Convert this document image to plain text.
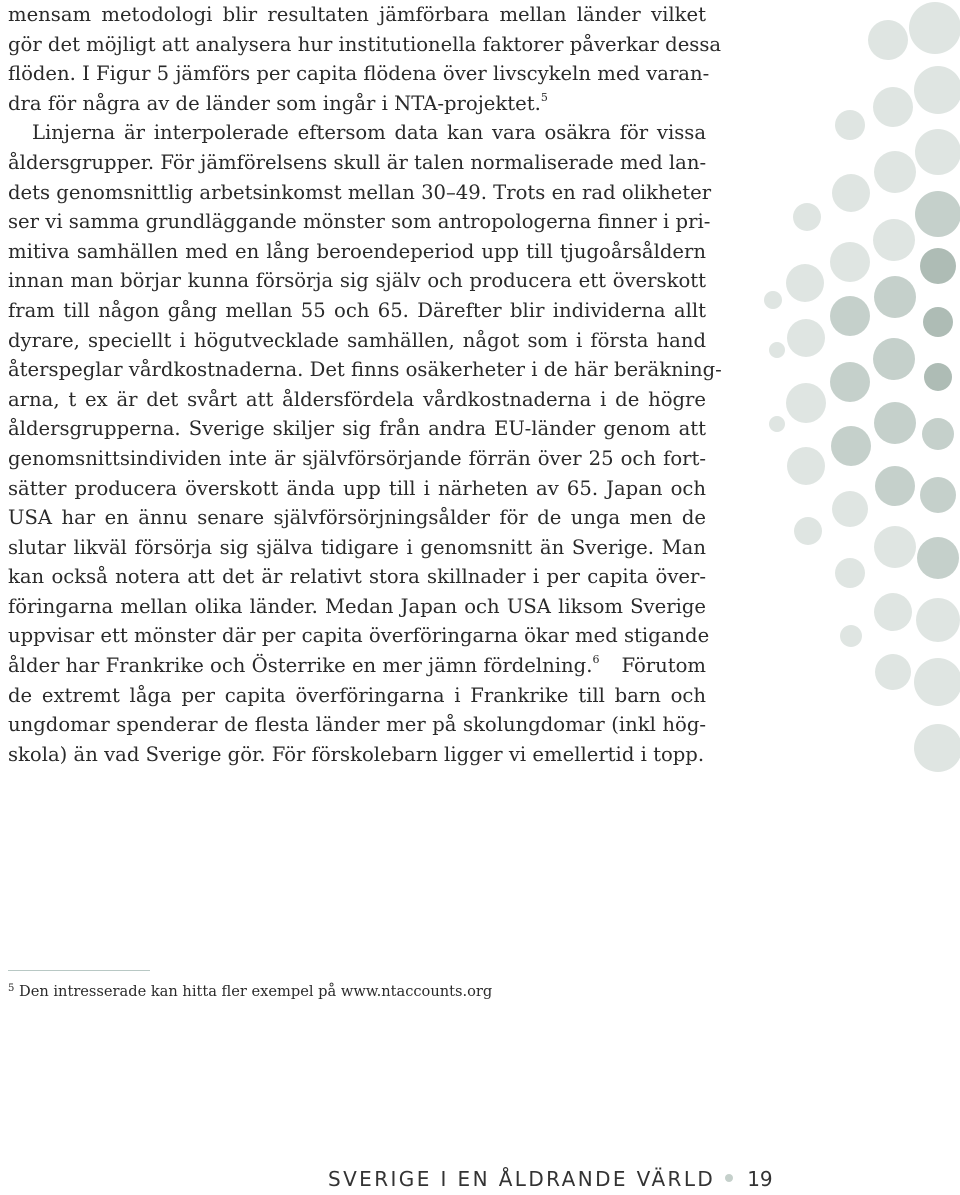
mensam metodologi blir resultaten jämförbara mellan länder vilket
gör det möjligt att analysera hur institutionella faktorer påverkar dessa
flöden. I Figur 5 jämförs per capita flödena över livscykeln med varan-
dra för några av de länder som ingår i NTA-projektet.$^5$
Linjerna är interpolerade eftersom data kan vara osäkra för vissa
åldersgrupper. För jämförelsens skull är talen normaliserade med lan-
dets genomsnittlig arbetsinkomst mellan 30–49. Trots en rad olikheter
ser vi samma grundläggande mönster som antropologerna finner i pri-
mitiva samhällen med en lång beroendeperiod upp till tjugoårsåldern
innan man börjar kunna försörja sig själv och producera ett överskott
fram till någon gång mellan 55 och 65. Därefter blir individerna allt
dyrare, speciellt i högutvecklade samhällen, något som i första hand
återspeglar vårdkostnaderna. Det finns osäkerheter i de här beräkning-
arna, t ex är det svårt att åldersfördela vårdkostnaderna i de högre
åldersgrupperna. Sverige skiljer sig från andra EU-länder genom att
genomsnittsindividen inte är självförsörjande förrän över 25 och fort-
sätter producera överskott ända upp till i närheten av 65. Japan och
USA har en ännu senare självförsörjningsålder för de unga men de
slutar likväl försörja sig själva tidigare i genomsnitt än Sverige. Man
kan också notera att det är relativt stora skillnader i per capita över-
föringarna mellan olika länder. Medan Japan och USA liksom Sverige
uppvisar ett mönster där per capita överföringarna ökar med stigande
ålder har Frankrike och Österrike en mer jämn fördelning.$^6$ Förutom
de extremt låga per capita överföringarna i Frankrike till barn och
ungdomar spenderar de flesta länder mer på skolungdomar (inkl hög-
skola) än vad Sverige gör. För förskolebarn ligger vi emellertid i topp.
$^5$ Den intresserade kan hitta fler exempel på www.ntaccounts.org
SVERIGE I EN ÅLDRANDE VÄRLD 19
